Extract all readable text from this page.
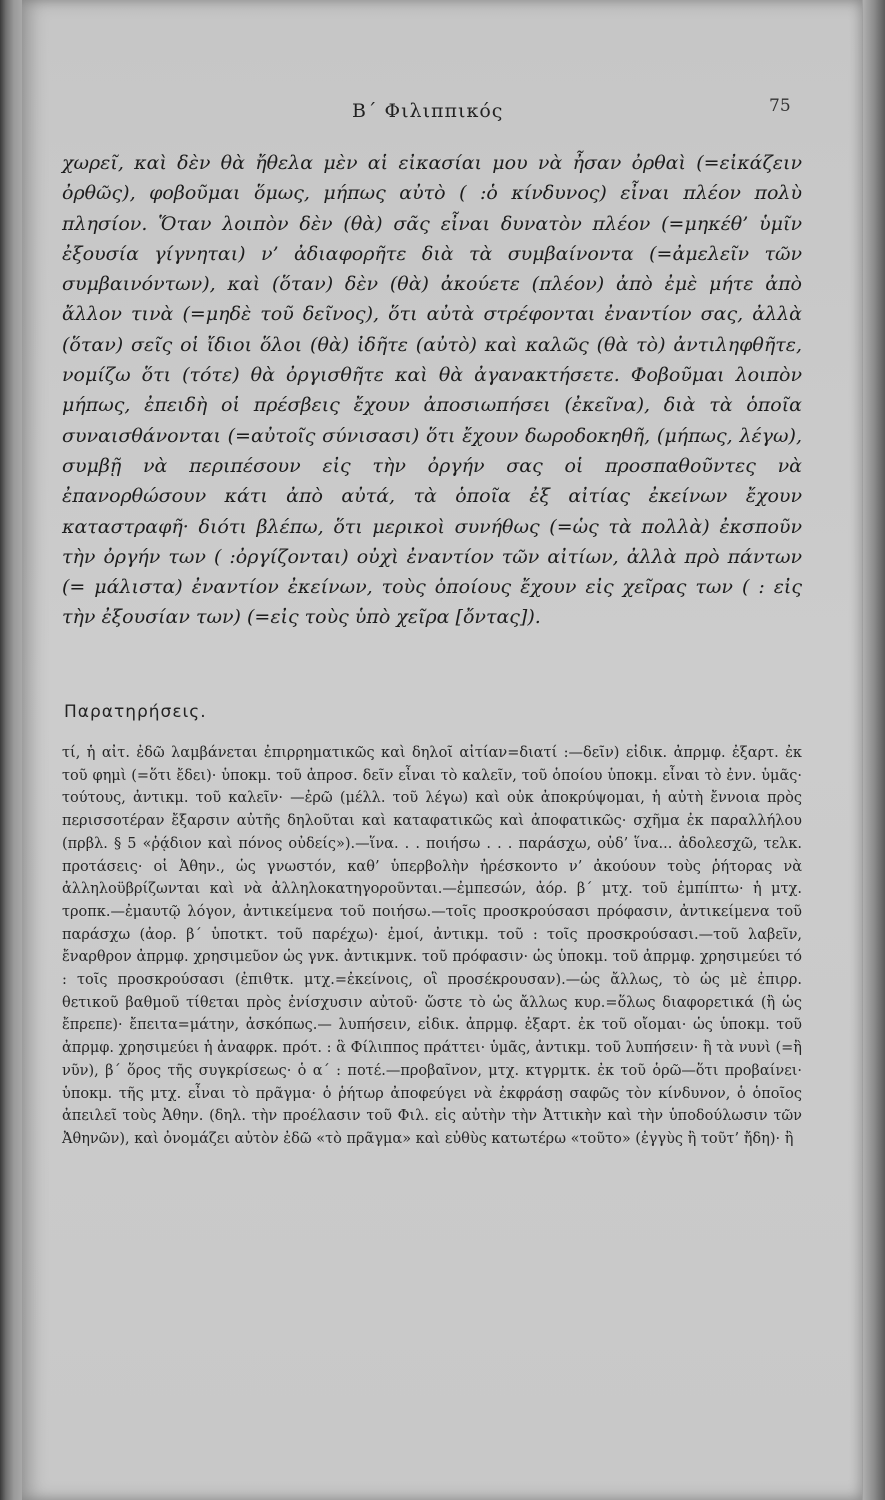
Β΄ Φιλιππικός	75

χωρεῖ, καὶ δὲν θὰ ἤθελα μὲν αἱ εἰκασίαι μου νὰ ἦσαν ὀρθαὶ (=εἰκάζειν ὀρθῶς), φοβοῦμαι ὅμως, μήπως αὐτὸ ( :ὁ κίνδυνος) εἶναι πλέον πολὺ πλησίον. Ὅταν λοιπὸν δὲν (θὰ) σᾶς εἶναι δυνατὸν πλέον (=μηκέθ’ ὑμῖν ἐξουσία γίγνηται) ν’ ἀδιαφορῆτε διὰ τὰ συμβαίνοντα (=ἀμελεῖν τῶν συμβαινόντων), καὶ (ὅταν) δὲν (θὰ) ἀκούετε (πλέον) ἀπὸ ἐμὲ μήτε ἀπὸ ἄλλον τινὰ (=μηδὲ τοῦ δεῖνος), ὅτι αὐτὰ στρέφονται ἐναντίον σας, ἀλλὰ (ὅταν) σεῖς οἱ ἴδιοι ὅλοι (θὰ) ἰδῆτε (αὐτὸ) καὶ καλῶς (θὰ τὸ) ἀντιληφθῆτε, νομίζω ὅτι (τότε) θὰ ὀργισθῆτε καὶ θὰ ἀγανακτήσετε. Φοβοῦμαι λοιπὸν μήπως, ἐπειδὴ οἱ πρέσβεις ἔχουν ἀποσιωπήσει (ἐκεῖνα), διὰ τὰ ὁποῖα συναισθάνονται (=αὐτοῖς σύνισασι) ὅτι ἔχουν δωροδοκηθῆ, (μήπως, λέγω), συμβῇ νὰ περιπέσουν εἰς τὴν ὀργήν σας οἱ προσπαθοῦντες νὰ ἐπανορθώσουν κάτι ἀπὸ αὐτά, τὰ ὁποῖα ἐξ αἰτίας ἐκείνων ἔχουν καταστραφῆ· διότι βλέπω, ὅτι μερικοὶ συνήθως (=ὡς τὰ πολλὰ) ἐκσποῦν τὴν ὀργήν των ( :ὀργίζονται) οὐχὶ ἐναντίον τῶν αἰτίων, ἀλλὰ πρὸ πάντων (= μάλιστα) ἐναντίον ἐκείνων, τοὺς ὁποίους ἔχουν εἰς χεῖρας των ( : εἰς τὴν ἐξουσίαν των) (=εἰς τοὺς ὑπὸ χεῖρα [ὄντας]).

Παρατηρήσεις.

τί, ἡ αἰτ. ἐδῶ λαμβάνεται ἐπιρρηματικῶς καὶ δηλοῖ αἰτίαν=διατί :—δεῖν) εἰδικ. ἀπρμφ. ἐξαρτ. ἐκ τοῦ φημὶ (=ὅτι ἔδει)· ὑποκμ. τοῦ ἀπροσ. δεῖν εἶναι τὸ καλεῖν, τοῦ ὁποίου ὑποκμ. εἶναι τὸ ἐνν. ὑμᾶς· τούτους, ἀντικμ. τοῦ καλεῖν· —ἐρῶ (μέλλ. τοῦ λέγω) καὶ οὐκ ἀποκρύψομαι, ἡ αὐτὴ ἔννοια πρὸς περισσοτέραν ἔξαρσιν αὐτῆς δηλοῦται καὶ καταφατικῶς καὶ ἀποφατικῶς· σχῆμα ἐκ παραλλήλου (πρβλ. § 5 «ῥᾴδιον καὶ πόνος οὐδείς»).—ἵνα. . . ποιήσω . . . παράσχω, οὐδ’ ἵνα... ἀδολεσχῶ, τελκ. προτάσεις· οἱ Ἀθην., ὡς γνωστόν, καθ’ ὑπερβολὴν ἠρέσκοντο ν’ ἀκούουν τοὺς ῥήτορας νὰ ἀλληλοϋβρίζωνται καὶ νὰ ἀλληλοκατηγοροῦνται.—ἐμπεσών, ἀόρ. β΄ μτχ. τοῦ ἐμπίπτω· ἡ μτχ. τροπκ.—ἐμαυτῷ λόγον, ἀντικείμενα τοῦ ποιήσω.—τοῖς προσκρούσασι πρόφασιν, ἀντικείμενα τοῦ παράσχω (ἀορ. β΄ ὑποτκτ. τοῦ παρέχω)· ἐμοί, ἀντικμ. τοῦ : τοῖς προσκρούσασι.—τοῦ λαβεῖν, ἔναρθρον ἀπρμφ. χρησιμεῦον ὡς γνκ. ἀντικμνκ. τοῦ πρόφασιν· ὡς ὑποκμ. τοῦ ἀπρμφ. χρησιμεύει τό : τοῖς προσκρούσασι (ἐπιθτκ. μτχ.=ἐκείνοις, οἳ προσέκρουσαν).—ὡς ἄλλως, τὸ ὡς μὲ ἐπιρρ. θετικοῦ βαθμοῦ τίθεται πρὸς ἐνίσχυσιν αὐτοῦ· ὥστε τὸ ὡς ἄλλως κυρ.=ὅλως διαφορετικά (ἢ ὡς ἔπρεπε)· ἔπειτα=μάτην, ἀσκόπως.— λυπήσειν, εἰδικ. ἀπρμφ. ἐξαρτ. ἐκ τοῦ οἴομαι· ὡς ὑποκμ. τοῦ ἀπρμφ. χρησιμεύει ἡ ἀναφρκ. πρότ. : ἃ Φίλιππος πράττει· ὑμᾶς, ἀντικμ. τοῦ λυπήσειν· ἢ τὰ νυνὶ (=ἢ νῦν), β΄ ὅρος τῆς συγκρίσεως· ὁ α΄ : ποτέ.—προβαῖνον, μτχ. κτγρμτκ. ἐκ τοῦ ὁρῶ—ὅτι προβαίνει· ὑποκμ. τῆς μτχ. εἶναι τὸ πρᾶγμα· ὁ ῥήτωρ ἀποφεύγει νὰ ἐκφράσῃ σαφῶς τὸν κίνδυνον, ὁ ὁποῖος ἀπειλεῖ τοὺς Ἀθην. (δηλ. τὴν προέλασιν τοῦ Φιλ. εἰς αὐτὴν τὴν Ἀττικὴν καὶ τὴν ὑποδούλωσιν τῶν Ἀθηνῶν), καὶ ὀνομάζει αὐτὸν ἐδῶ «τὸ πρᾶγμα» καὶ εὐθὺς κατωτέρω «τοῦτο» (ἐγγὺς ἢ τοῦτ’ ἤδη)· ἢ
